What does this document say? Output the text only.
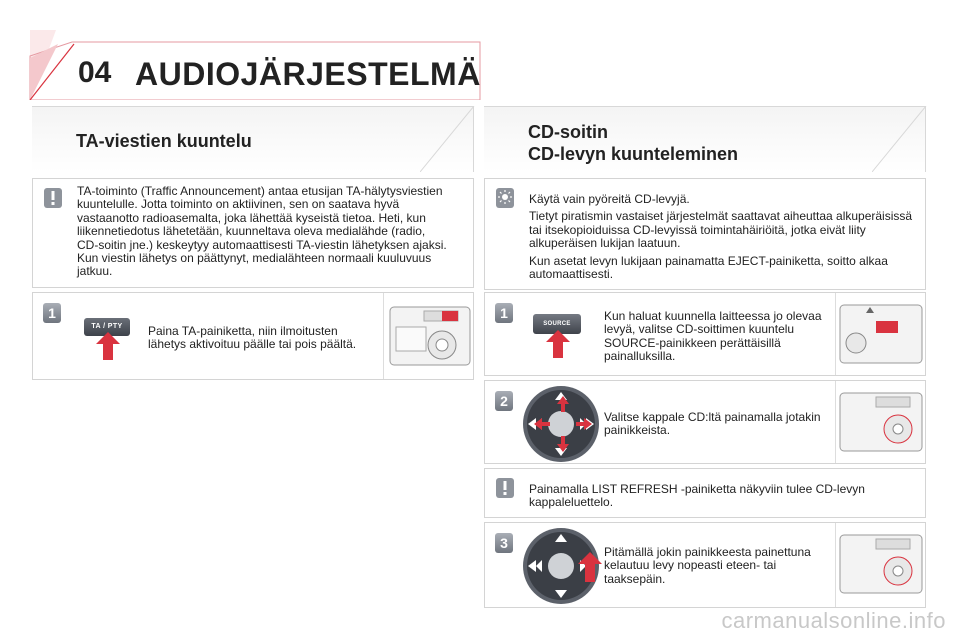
04 AUDIOJÄRJESTELMÄ
TA-viestien kuuntelu
TA-toiminto (Traffic Announcement) antaa etusijan TA-hälytysviestien kuuntelulle. Jotta toiminto on aktiivinen, sen on saatava hyvä vastaanotto radioasemalta, joka lähettää kyseistä tietoa. Heti, kun liikennetiedotus lähetetään, kuunneltava oleva medialähde (radio, CD-soitin jne.) keskeytyy automaattisesti TA-viestin lähetyksen ajaksi. Kun viestin lähetys on päättynyt, medialähteen normaali kuuluvuus jatkuu.
1
TA / PTY	Paina TA-painiketta, niin ilmoitusten lähetys aktivoituu päälle tai pois päältä.
CD-soitin
CD-levyn kuunteleminen

Käytä vain pyöreitä CD-levyjä.

Tietyt piratismin vastaiset järjestelmät saattavat aiheuttaa alkuperäisissä tai itsekopioiduissa CD-levyissä toimintahäiriöitä, jotka eivät liity alkuperäisen lukijan laatuun.

Kun asetat levyn lukijaan painamatta EJECT-painiketta, soitto alkaa automaattisesti.

1
SOURCE
Kun haluat kuunnella laitteessa jo olevaa levyä, valitse CD-soittimen kuuntelu SOURCE-painikkeen perättäisillä painalluksilla.
2
Valitse kappale CD:ltä painamalla jotakin painikkeista.
Painamalla LIST REFRESH -painiketta näkyviin tulee CD-levyn kappaleluettelo.
3
Pitämällä jokin painikkeesta painettuna kelautuu levy nopeasti eteen- tai taaksepäin.
carmanualsonline.info
